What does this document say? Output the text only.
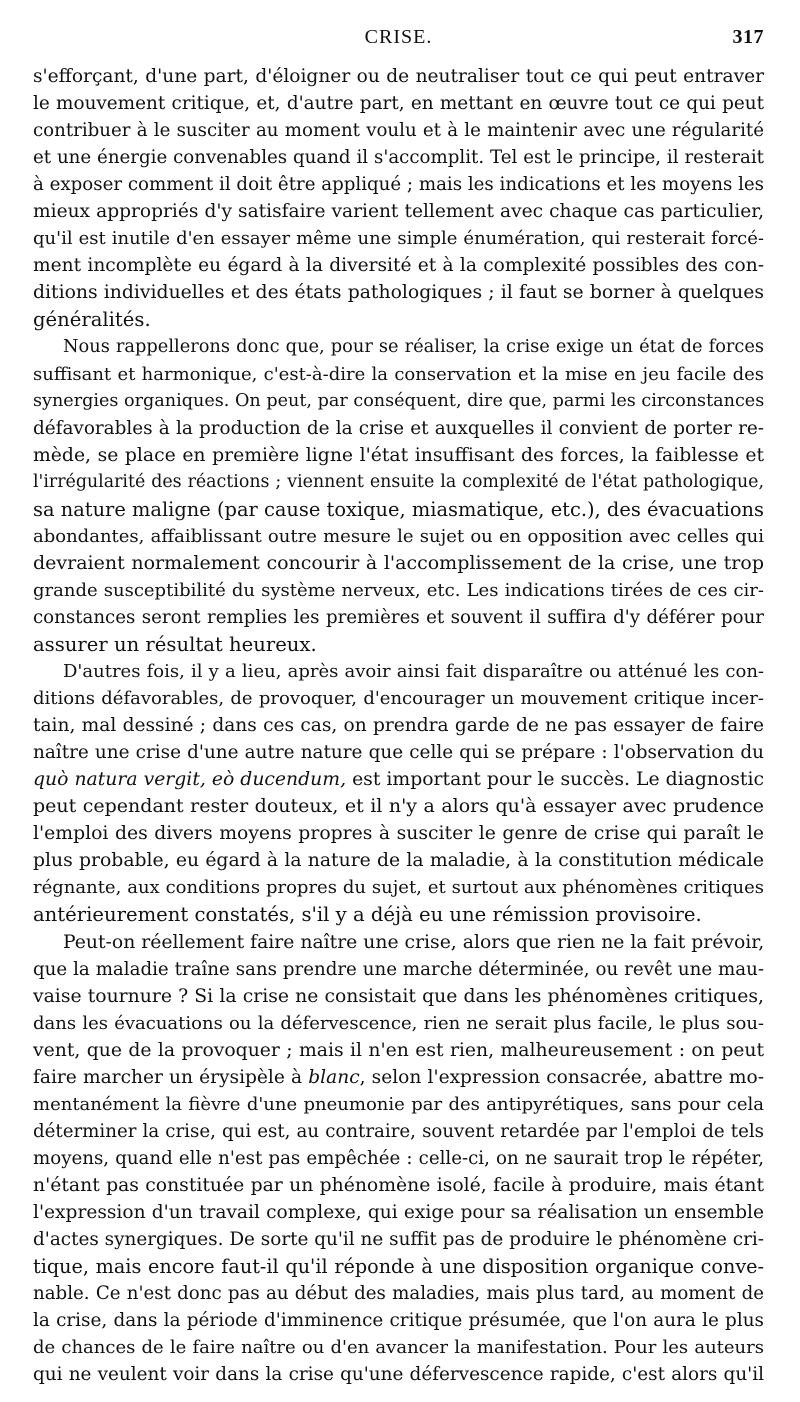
CRISE.	317
s'efforçant, d'une part, d'éloigner ou de neutraliser tout ce qui peut entraver
le mouvement critique, et, d'autre part, en mettant en œuvre tout ce qui peut
contribuer à le susciter au moment voulu et à le maintenir avec une régularité
et une énergie convenables quand il s'accomplit. Tel est le principe, il resterait
à exposer comment il doit être appliqué ; mais les indications et les moyens les
mieux appropriés d'y satisfaire varient tellement avec chaque cas particulier,
qu'il est inutile d'en essayer même une simple énumération, qui resterait forcé-
ment incomplète eu égard à la diversité et à la complexité possibles des con-
ditions individuelles et des états pathologiques ; il faut se borner à quelques
généralités.
Nous rappellerons donc que, pour se réaliser, la crise exige un état de forces
suffisant et harmonique, c'est-à-dire la conservation et la mise en jeu facile des
synergies organiques. On peut, par conséquent, dire que, parmi les circonstances
défavorables à la production de la crise et auxquelles il convient de porter re-
mède, se place en première ligne l'état insuffisant des forces, la faiblesse et
l'irrégularité des réactions ; viennent ensuite la complexité de l'état pathologique,
sa nature maligne (par cause toxique, miasmatique, etc.), des évacuations
abondantes, affaiblissant outre mesure le sujet ou en opposition avec celles qui
devraient normalement concourir à l'accomplissement de la crise, une trop
grande susceptibilité du système nerveux, etc. Les indications tirées de ces cir-
constances seront remplies les premières et souvent il suffira d'y déférer pour
assurer un résultat heureux.
D'autres fois, il y a lieu, après avoir ainsi fait disparaître ou atténué les con-
ditions défavorables, de provoquer, d'encourager un mouvement critique incer-
tain, mal dessiné ; dans ces cas, on prendra garde de ne pas essayer de faire
naître une crise d'une autre nature que celle qui se prépare : l'observation du
quò natura vergit, eò ducendum, est important pour le succès. Le diagnostic
peut cependant rester douteux, et il n'y a alors qu'à essayer avec prudence
l'emploi des divers moyens propres à susciter le genre de crise qui paraît le
plus probable, eu égard à la nature de la maladie, à la constitution médicale
régnante, aux conditions propres du sujet, et surtout aux phénomènes critiques
antérieurement constatés, s'il y a déjà eu une rémission provisoire.
Peut-on réellement faire naître une crise, alors que rien ne la fait prévoir,
que la maladie traîne sans prendre une marche déterminée, ou revêt une mau-
vaise tournure ? Si la crise ne consistait que dans les phénomènes critiques,
dans les évacuations ou la défervescence, rien ne serait plus facile, le plus sou-
vent, que de la provoquer ; mais il n'en est rien, malheureusement : on peut
faire marcher un érysipèle à blanc, selon l'expression consacrée, abattre mo-
mentanément la fièvre d'une pneumonie par des antipyrétiques, sans pour cela
déterminer la crise, qui est, au contraire, souvent retardée par l'emploi de tels
moyens, quand elle n'est pas empêchée : celle-ci, on ne saurait trop le répéter,
n'étant pas constituée par un phénomène isolé, facile à produire, mais étant
l'expression d'un travail complexe, qui exige pour sa réalisation un ensemble
d'actes synergiques. De sorte qu'il ne suffit pas de produire le phénomène cri-
tique, mais encore faut-il qu'il réponde à une disposition organique conve-
nable. Ce n'est donc pas au début des maladies, mais plus tard, au moment de
la crise, dans la période d'imminence critique présumée, que l'on aura le plus
de chances de le faire naître ou d'en avancer la manifestation. Pour les auteurs
qui ne veulent voir dans la crise qu'une défervescence rapide, c'est alors qu'il
